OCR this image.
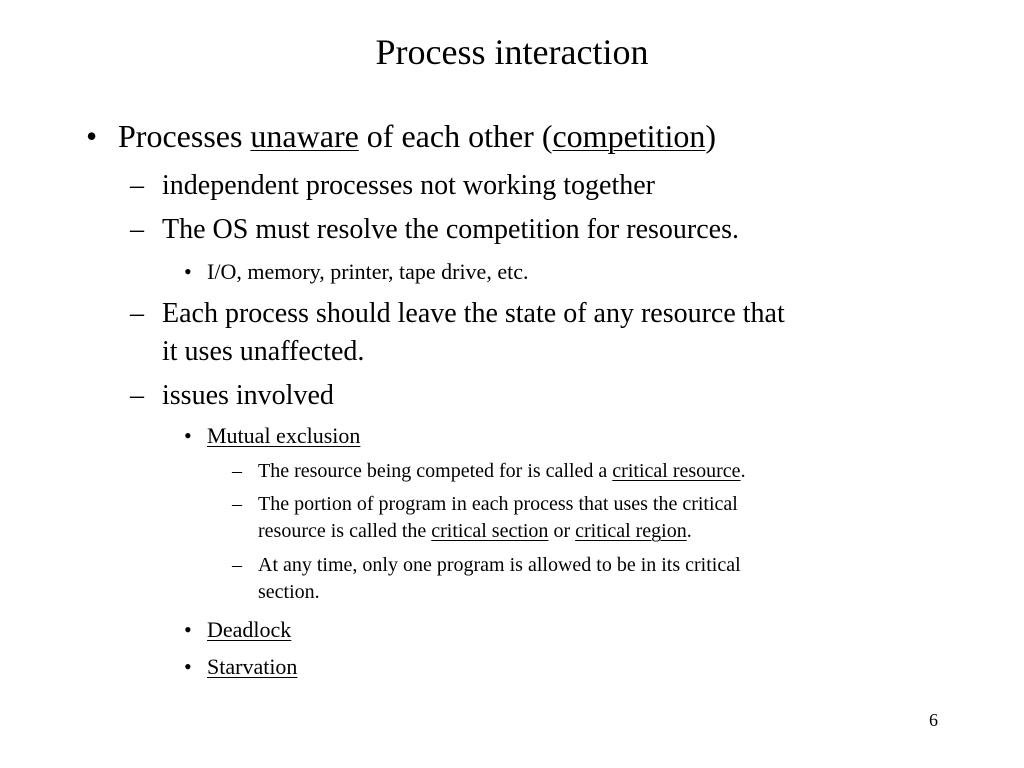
Process interaction
• Processes unaware of each other (competition)
– independent processes not working together
– The OS must resolve the competition for resources.
• I/O, memory, printer, tape drive, etc.
– Each process should leave the state of any resource that
it uses unaffected.
– issues involved
• Mutual exclusion
– The resource being competed for is called a critical resource.
– The portion of program in each process that uses the critical
resource is called the critical section or critical region.
– At any time, only one program is allowed to be in its critical
section.
• Deadlock
• Starvation
6
